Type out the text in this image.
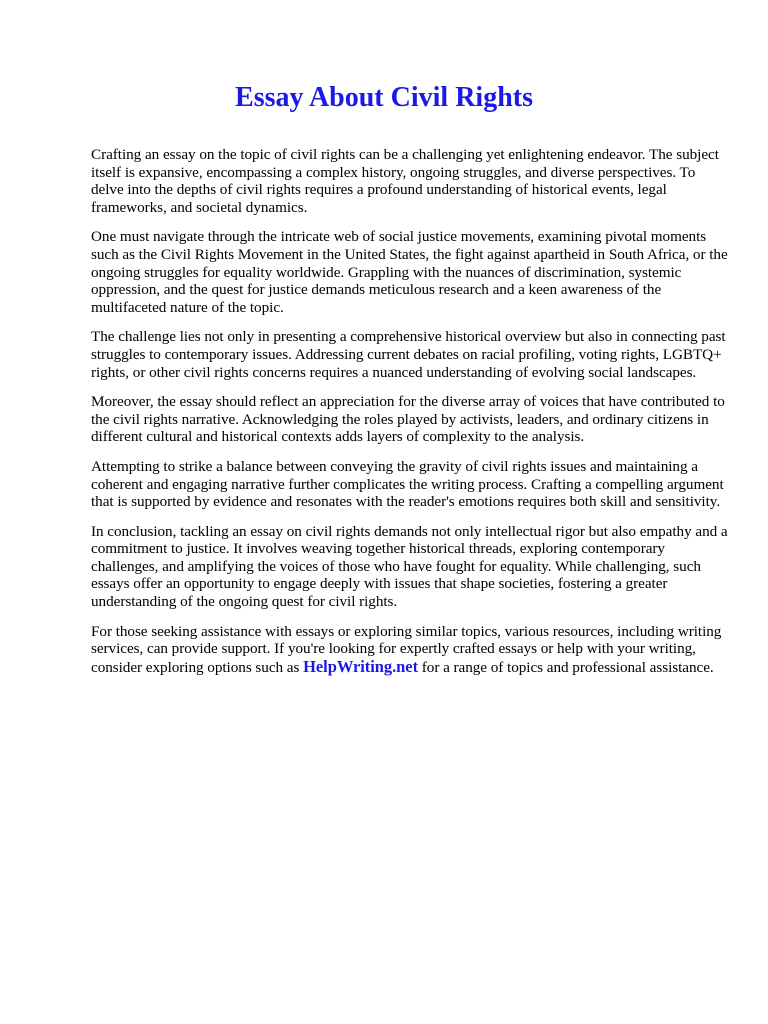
Essay About Civil Rights

Crafting an essay on the topic of civil rights can be a challenging yet enlightening endeavor. The subject itself is expansive, encompassing a complex history, ongoing struggles, and diverse perspectives. To delve into the depths of civil rights requires a profound understanding of historical events, legal frameworks, and societal dynamics.

One must navigate through the intricate web of social justice movements, examining pivotal moments such as the Civil Rights Movement in the United States, the fight against apartheid in South Africa, or the ongoing struggles for equality worldwide. Grappling with the nuances of discrimination, systemic oppression, and the quest for justice demands meticulous research and a keen awareness of the multifaceted nature of the topic.

The challenge lies not only in presenting a comprehensive historical overview but also in connecting past struggles to contemporary issues. Addressing current debates on racial profiling, voting rights, LGBTQ+ rights, or other civil rights concerns requires a nuanced understanding of evolving social landscapes.

Moreover, the essay should reflect an appreciation for the diverse array of voices that have contributed to the civil rights narrative. Acknowledging the roles played by activists, leaders, and ordinary citizens in different cultural and historical contexts adds layers of complexity to the analysis.

Attempting to strike a balance between conveying the gravity of civil rights issues and maintaining a coherent and engaging narrative further complicates the writing process. Crafting a compelling argument that is supported by evidence and resonates with the reader's emotions requires both skill and sensitivity.

In conclusion, tackling an essay on civil rights demands not only intellectual rigor but also empathy and a commitment to justice. It involves weaving together historical threads, exploring contemporary challenges, and amplifying the voices of those who have fought for equality. While challenging, such essays offer an opportunity to engage deeply with issues that shape societies, fostering a greater understanding of the ongoing quest for civil rights.

For those seeking assistance with essays or exploring similar topics, various resources, including writing services, can provide support. If you're looking for expertly crafted essays or help with your writing, consider exploring options such as HelpWriting.net for a range of topics and professional assistance.
